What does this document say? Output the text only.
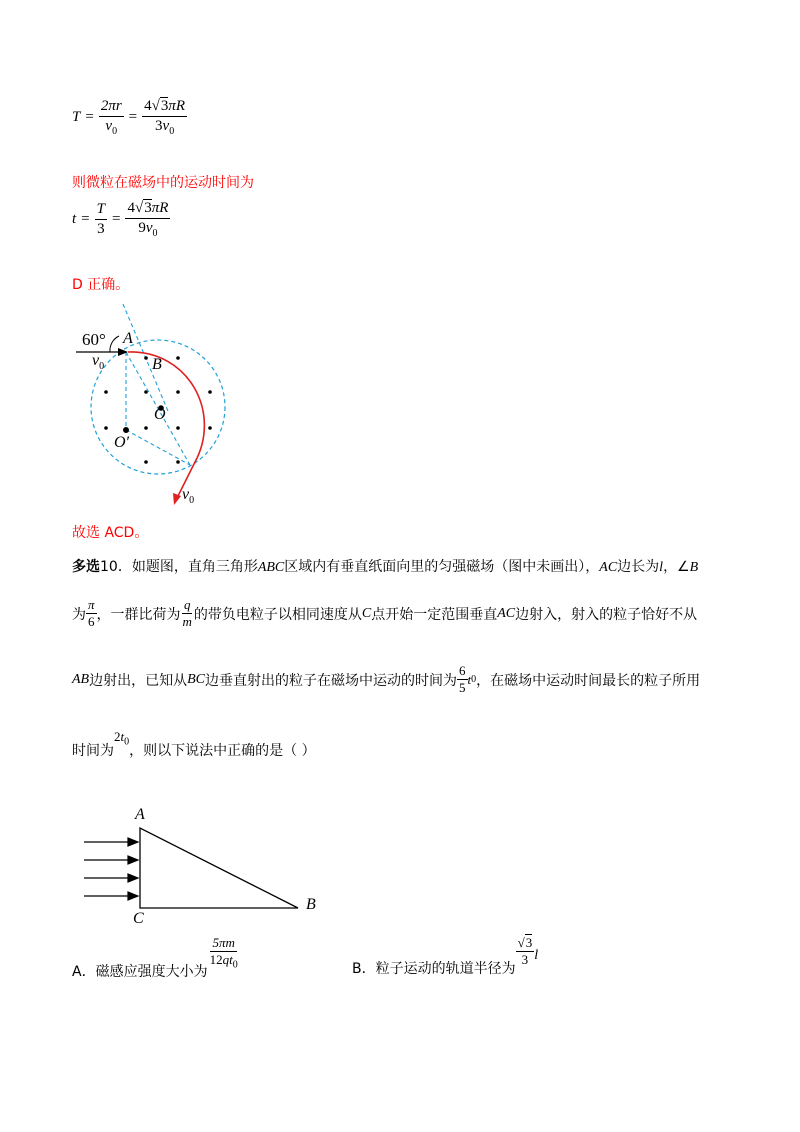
$T = \frac{2\pi r}{v_0} = \frac{4√3\pi R}{3v_0}$
则微粒在磁场中的运动时间为
$t = \frac{T}{3} = \frac{4√3\pi R}{9v_0}$
D 正确。
60° A
$v_0$	B
O
O′
$v_0$
故选 ACD。
多选10．如题图，直角三角形ABC区域内有垂直纸面向里的匀强磁场（图中未画出），AC边长为l，∠B
为 $\frac{\pi}{6}$ ，一群比荷为 $\frac{q}{m}$ 的带负电粒子以相同速度从 C 点开始一定范围垂直 AC 边射入，射入的粒子恰好不从
AB 边射出，已知从 BC 边垂直射出的粒子在磁场中运动的时间为 $\frac{6}{5}$ t 0 ，在磁场中运动时间最长的粒子所用
时间为$2t_0$，则以下说法中正确的是（ ）
A
C
B
A．磁感应强度大小为
$\frac{5\pi m}{12qt_0}$	B．粒子运动的轨道半径为
$\frac{√3}{3}$ l
